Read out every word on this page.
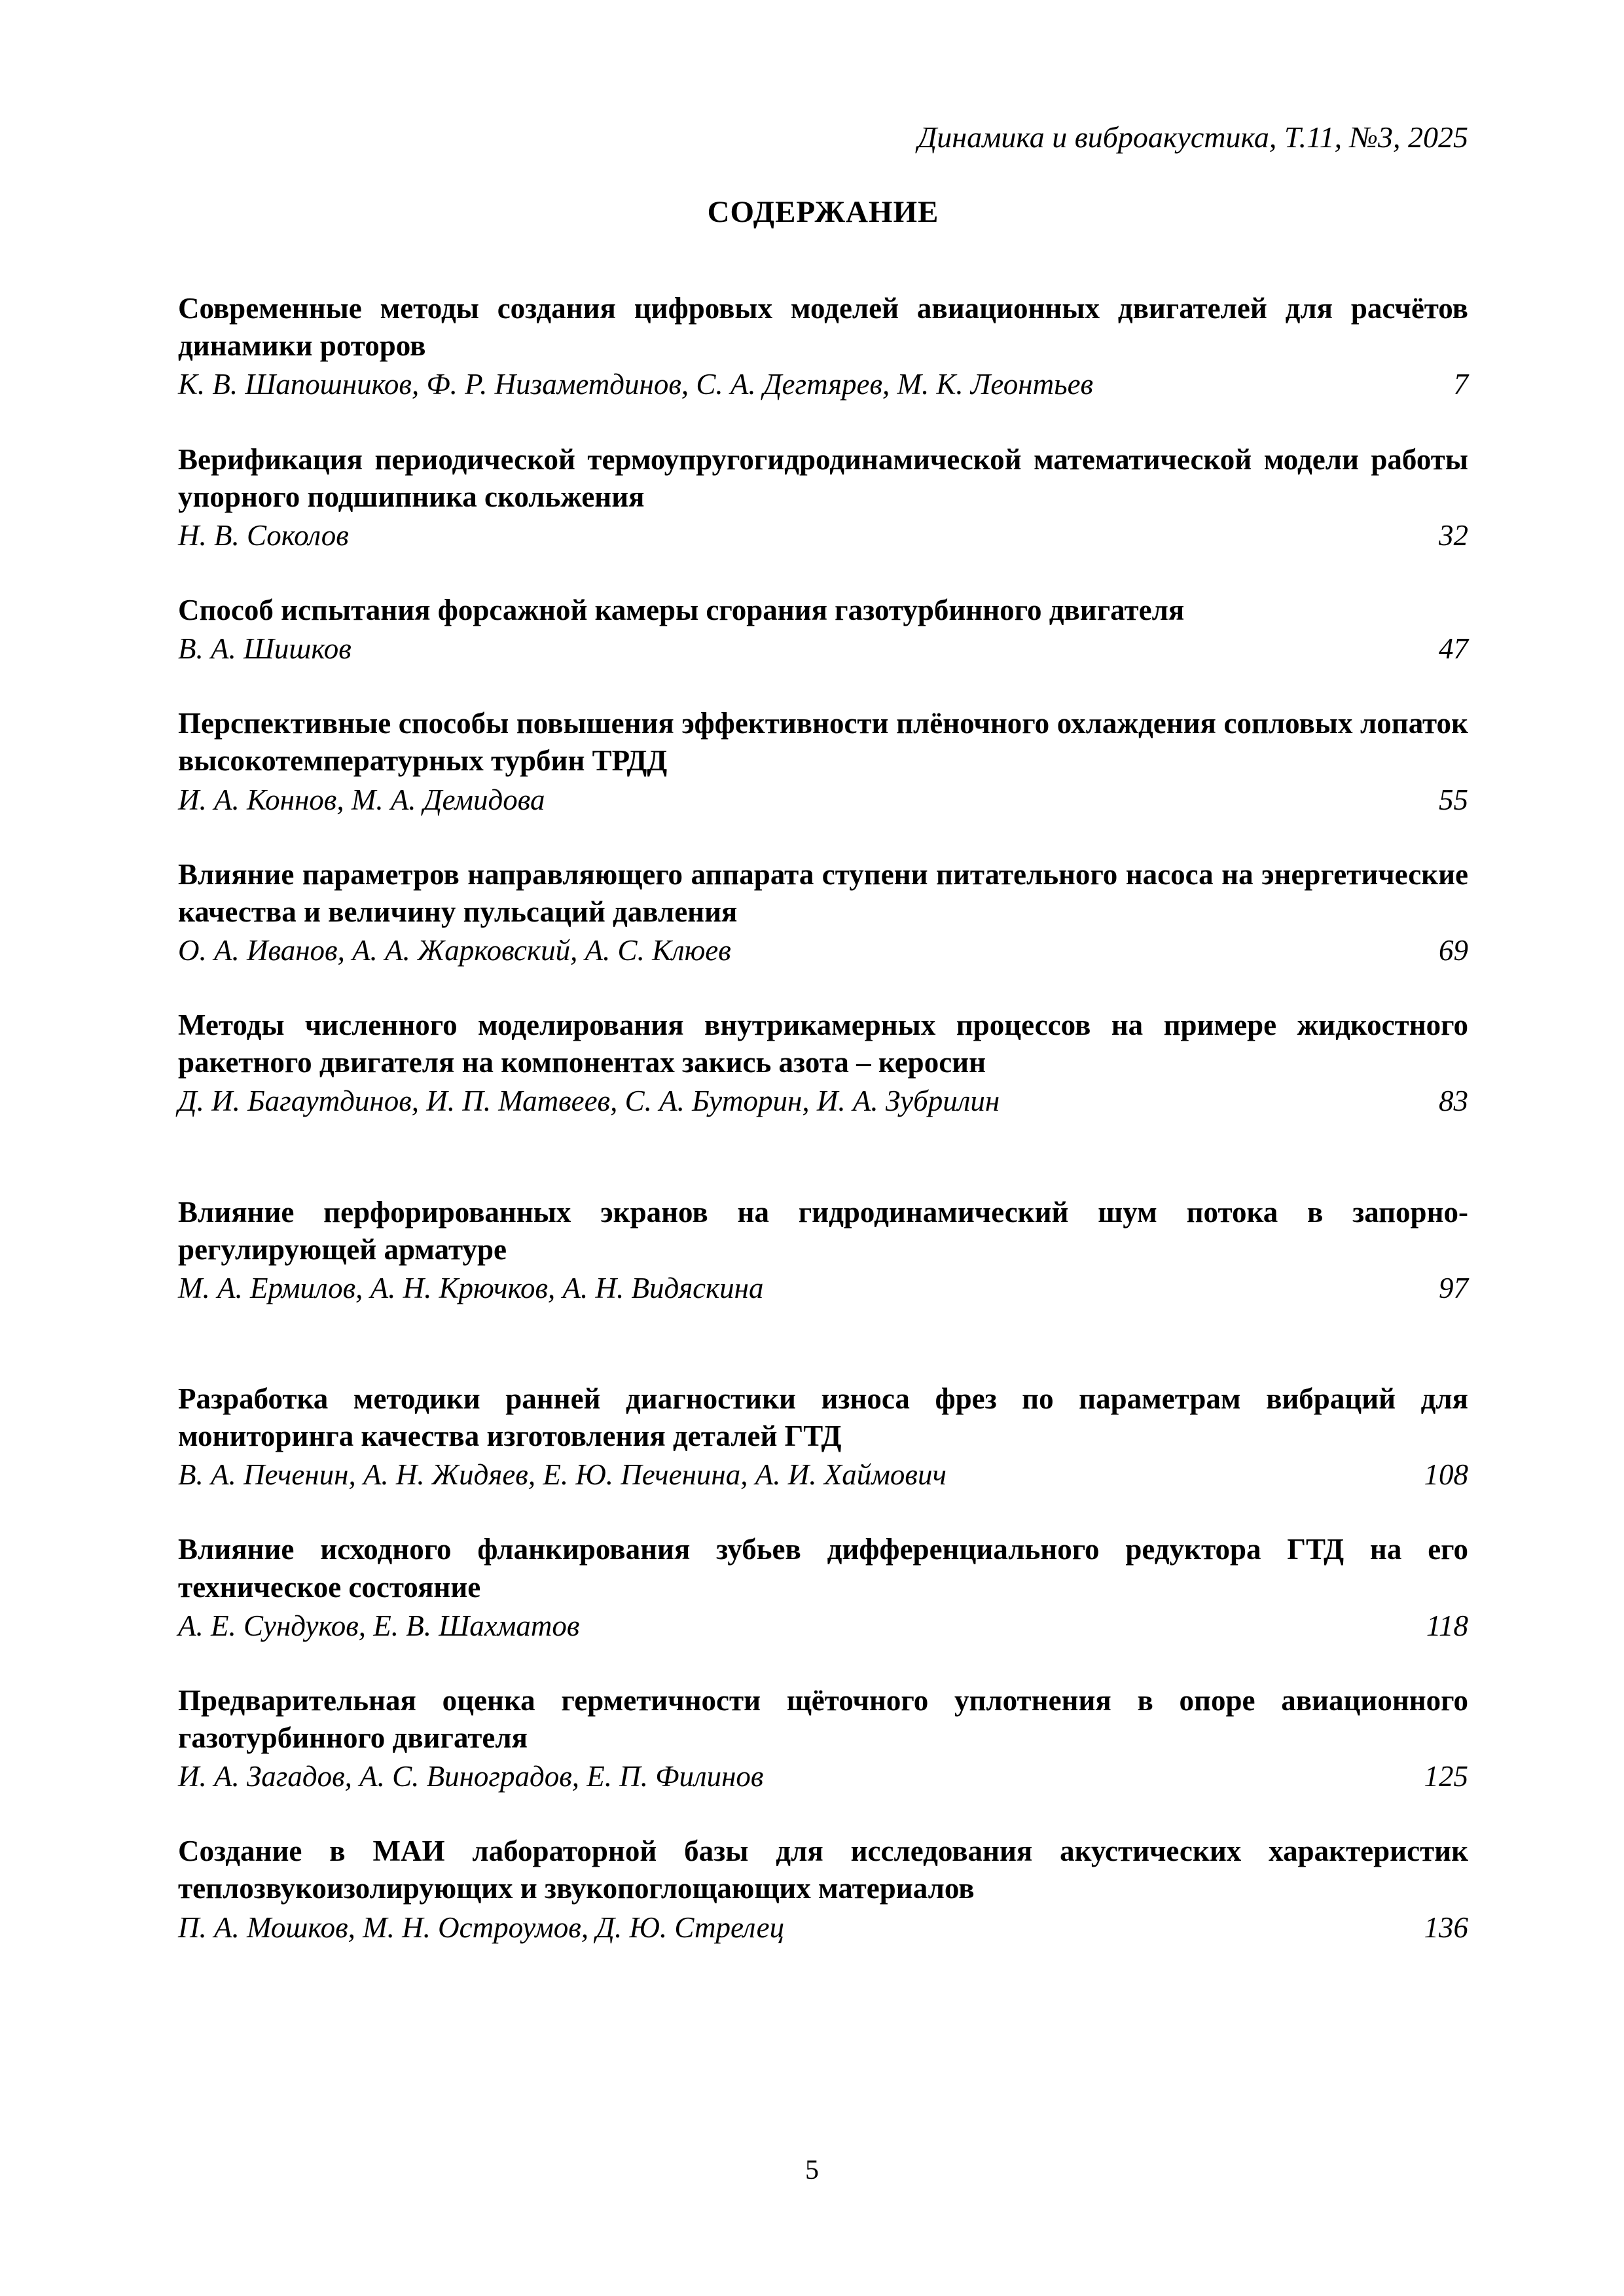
Динамика и виброакустика, Т.11, №3, 2025
СОДЕРЖАНИЕ

Современные методы создания цифровых моделей авиационных двигателей для расчётов динамики роторов

К. В. Шапошников, Ф. Р. Низаметдинов, С. А. Дегтярев, М. К. Леонтьев	7

Верификация периодической термоупругогидродинамической математической модели работы упорного подшипника скольжения

Н. В. Соколов	32

Способ испытания форсажной камеры сгорания газотурбинного двигателя

В. А. Шишков	47

Перспективные способы повышения эффективности плёночного охлаждения сопловых лопаток высокотемпературных турбин ТРДД

И. А. Коннов, М. А. Демидова	55

Влияние параметров направляющего аппарата ступени питательного насоса на энергетические качества и величину пульсаций давления

О. А. Иванов, А. А. Жарковский, А. С. Клюев	69

Методы численного моделирования внутрикамерных процессов на примере жидкостного ракетного двигателя на компонентах закись азота – керосин

Д. И. Багаутдинов, И. П. Матвеев, С. А. Буторин, И. А. Зубрилин	83

Влияние перфорированных экранов на гидродинамический шум потока в запорно-регулирующей арматуре

М. А. Ермилов, А. Н. Крючков, А. Н. Видяскина	97

Разработка методики ранней диагностики износа фрез по параметрам вибраций для мониторинга качества изготовления деталей ГТД

В. А. Печенин, А. Н. Жидяев, Е. Ю. Печенина, А. И. Хаймович	108

Влияние исходного фланкирования зубьев дифференциального редуктора ГТД на его техническое состояние

А. Е. Сундуков, Е. В. Шахматов	118

Предварительная оценка герметичности щёточного уплотнения в опоре авиационного газотурбинного двигателя

И. А. Загадов, А. С. Виноградов, Е. П. Филинов	125

Создание в МАИ лабораторной базы для исследования акустических характеристик теплозвукоизолирующих и звукопоглощающих материалов

П. А. Мошков, М. Н. Остроумов, Д. Ю. Стрелец	136
5
